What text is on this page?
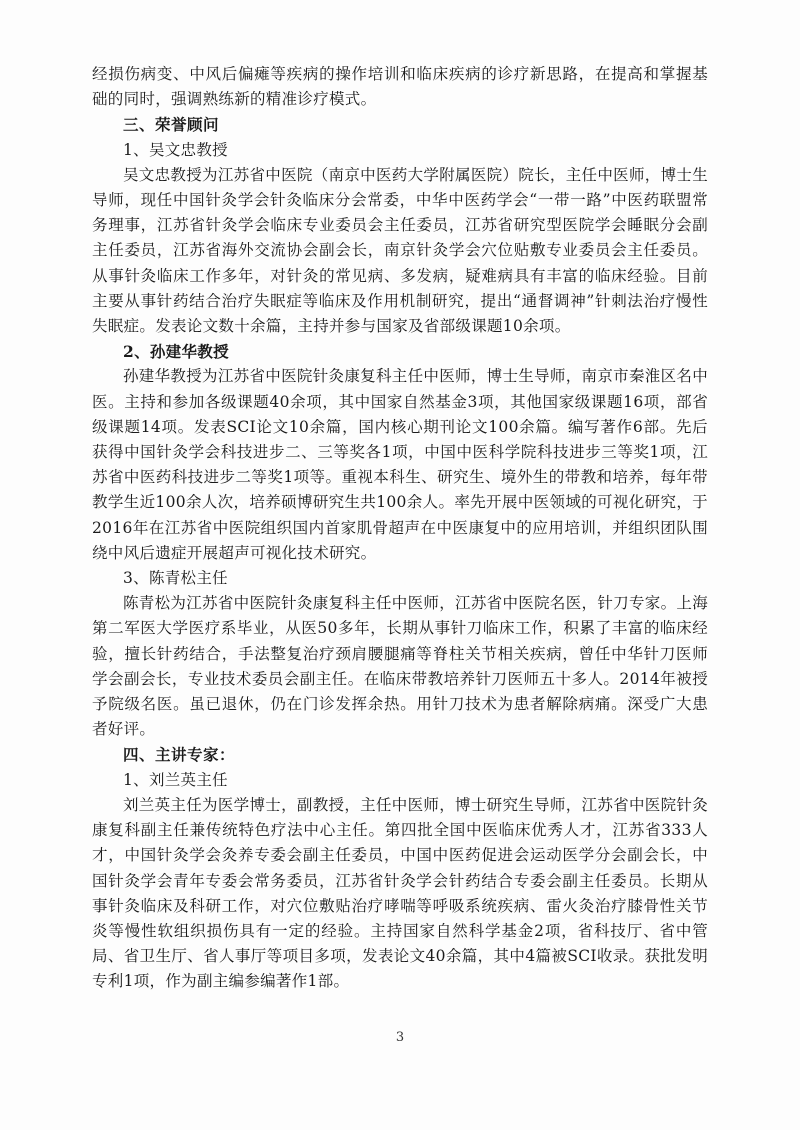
经损伤病变、中风后偏瘫等疾病的操作培训和临床疾病的诊疗新思路，在提高和掌握基础的同时，强调熟练新的精准诊疗模式。

三、荣誉顾问

1、吴文忠教授

吴文忠教授为江苏省中医院（南京中医药大学附属医院）院长，主任中医师，博士生导师，现任中国针灸学会针灸临床分会常委，中华中医药学会“一带一路”中医药联盟常务理事，江苏省针灸学会临床专业委员会主任委员，江苏省研究型医院学会睡眠分会副主任委员，江苏省海外交流协会副会长，南京针灸学会穴位贴敷专业委员会主任委员。从事针灸临床工作多年，对针灸的常见病、多发病，疑难病具有丰富的临床经验。目前主要从事针药结合治疗失眠症等临床及作用机制研究，提出“通督调神”针刺法治疗慢性失眠症。发表论文数十余篇，主持并参与国家及省部级课题10余项。

2、孙建华教授

孙建华教授为江苏省中医院针灸康复科主任中医师，博士生导师，南京市秦淮区名中医。主持和参加各级课题40余项，其中国家自然基金3项，其他国家级课题16项，部省级课题14项。发表SCI论文10余篇，国内核心期刊论文100余篇。编写著作6部。先后获得中国针灸学会科技进步二、三等奖各1项，中国中医科学院科技进步三等奖1项，江苏省中医药科技进步二等奖1项等。重视本科生、研究生、境外生的带教和培养，每年带教学生近100余人次，培养硕博研究生共100余人。率先开展中医领域的可视化研究，于2016年在江苏省中医院组织国内首家肌骨超声在中医康复中的应用培训，并组织团队围绕中风后遗症开展超声可视化技术研究。

3、陈青松主任

陈青松为江苏省中医院针灸康复科主任中医师，江苏省中医院名医，针刀专家。上海第二军医大学医疗系毕业，从医50多年，长期从事针刀临床工作，积累了丰富的临床经验，擅长针药结合，手法整复治疗颈肩腰腿痛等脊柱关节相关疾病，曾任中华针刀医师学会副会长，专业技术委员会副主任。在临床带教培养针刀医师五十多人。2014年被授予院级名医。虽已退休，仍在门诊发挥余热。用针刀技术为患者解除病痛。深受广大患者好评。

四、主讲专家：

1、刘兰英主任

刘兰英主任为医学博士，副教授，主任中医师，博士研究生导师，江苏省中医院针灸康复科副主任兼传统特色疗法中心主任。第四批全国中医临床优秀人才，江苏省333人才，中国针灸学会灸养专委会副主任委员，中国中医药促进会运动医学分会副会长，中国针灸学会青年专委会常务委员，江苏省针灸学会针药结合专委会副主任委员。长期从事针灸临床及科研工作，对穴位敷贴治疗哮喘等呼吸系统疾病、雷火灸治疗膝骨性关节炎等慢性软组织损伤具有一定的经验。主持国家自然科学基金2项，省科技厅、省中管局、省卫生厅、省人事厅等项目多项，发表论文40余篇，其中4篇被SCI收录。获批发明专利1项，作为副主编参编著作1部。

3
